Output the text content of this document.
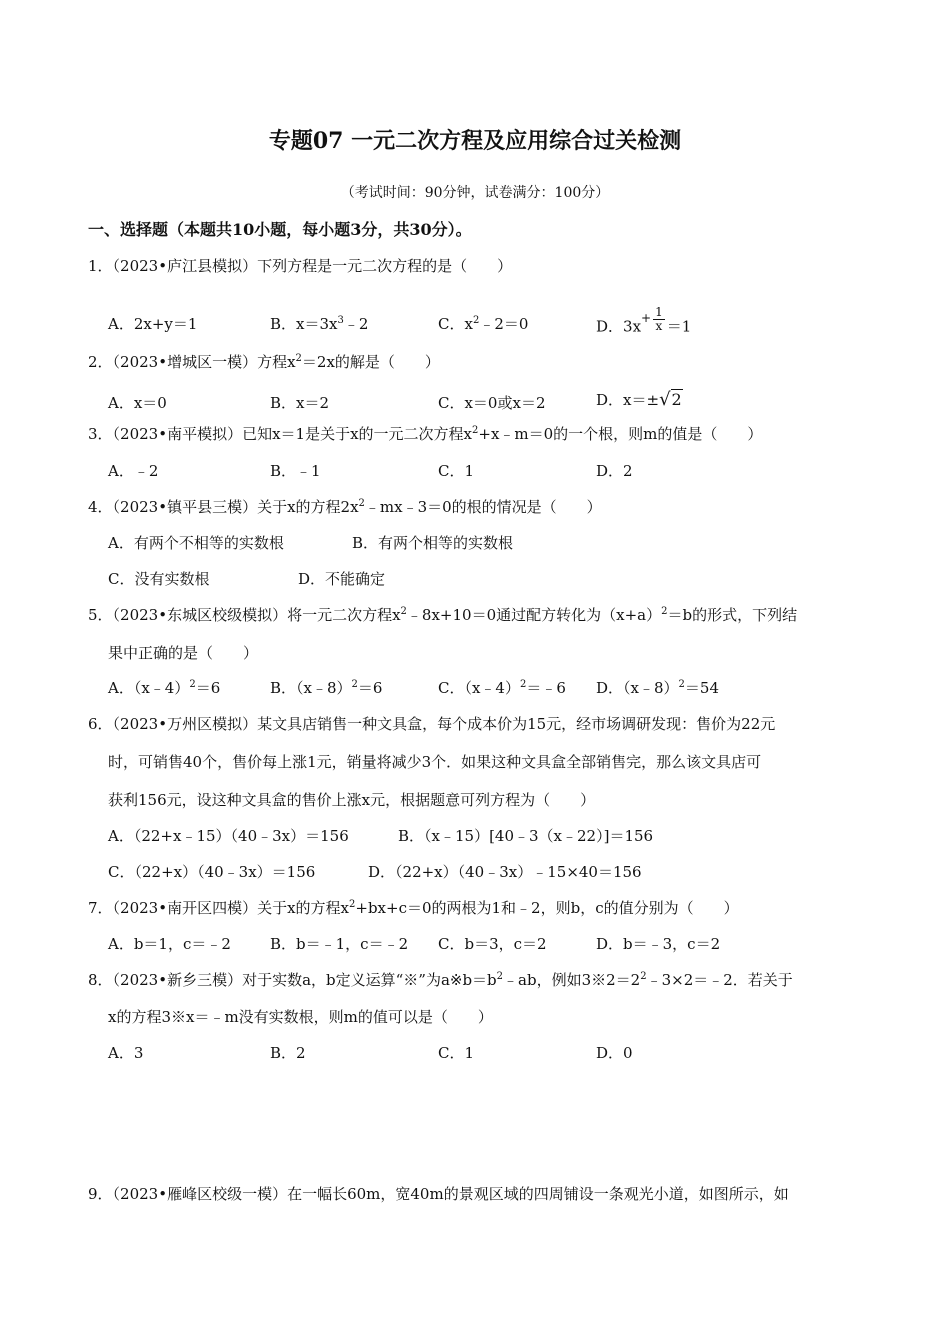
专题07 一元二次方程及应用综合过关检测
（考试时间：90分钟，试卷满分：100分）
一、选择题（本题共10小题，每小题3分，共30分）。
1．（2023•庐江县模拟）下列方程是一元二次方程的是（　　）
A．2x+y＝1	B．$x=3x^3﹣2$	C．$x^2﹣2=0$	D．$3x^+ \frac{1}{x} =1$
2．（2023•增城区一模）方程$x^2=2x$的解是（　　）
A．x＝0	B．x＝2	C．x＝0或x＝2	D．x＝±√2
3．（2023•南平模拟）已知x＝1是关于x的一元二次方程$x^2+x﹣m=0$的一个根，则m的值是（　　）
A．﹣2	B．﹣1	C．1	D．2
4．（2023•镇平县三模）关于x的方程$2x^2﹣mx﹣3=0$的根的情况是（　　）
A．有两个不相等的实数根	B．有两个相等的实数根
C．没有实数根	D．不能确定
5．（2023•东城区校级模拟）将一元二次方程$x^2﹣8x+10=0$通过配方转化为$(x+a)^2=b$的形式，下列结
果中正确的是（　　）
A．（x﹣4）$^2$＝6	B．（x﹣8）$^2$＝6	C．（x﹣4）$^2$＝﹣6 D．（x﹣8）$^2$＝54
6．（2023•万州区模拟）某文具店销售一种文具盒，每个成本价为15元，经市场调研发现：售价为22元
时，可销售40个，售价每上涨1元，销量将减少3个．如果这种文具盒全部销售完，那么该文具店可
获利156元，设这种文具盒的售价上涨x元，根据题意可列方程为（　　）
A．（22+x﹣15）（40﹣3x）＝156	B．（x﹣15）[40﹣3（x﹣22）]＝156
C．（22+x）（40﹣3x）＝156	D．（22+x）（40﹣3x）﹣15×40＝156
7．（2023•南开区四模）关于x的方程$x^2+bx+c=0$的两根为1和﹣2，则b，c的值分别为（　　）
A．b＝1，c＝﹣2	B．b＝﹣1，c＝﹣2 C．b＝3，c＝2	D．b＝﹣3，c＝2
8．（2023•新乡三模）对于实数a，b定义运算“※”为$a※b=b^2﹣ab$，例如$3※2=2^2﹣3\times 2=﹣2$．若关于
x的方程3※x＝﹣m没有实数根，则m的值可以是（　　）
A．3	B．2	C．1	D．0
9．（2023•雁峰区校级一模）在一幅长60m，宽40m的景观区域的四周铺设一条观光小道，如图所示，如
